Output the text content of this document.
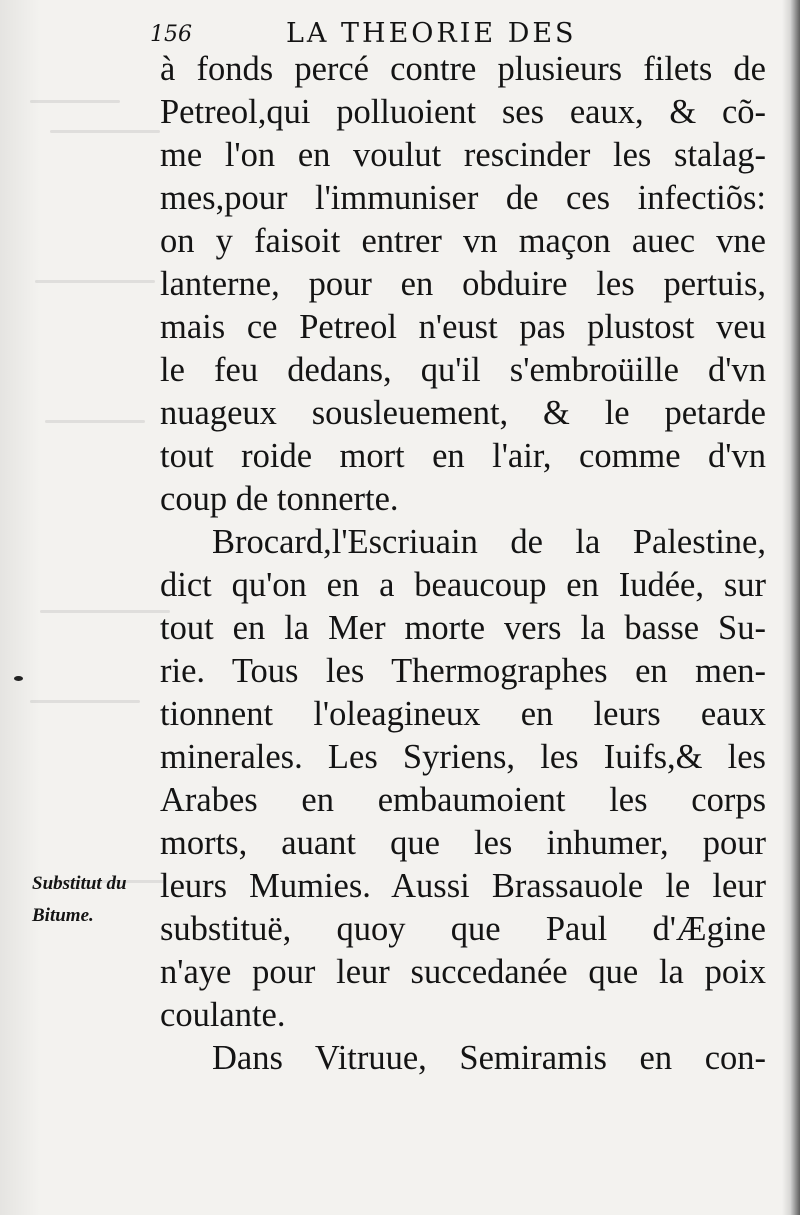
156	LA THEORIE DES
à fonds percé contre plusieurs filets de
Petreol,qui polluoient ses eaux, & cõ-
me l'on en voulut rescinder les stalag-
mes,pour l'immuniser de ces infectiõs:
on y faisoit entrer vn maçon auec vne
lanterne, pour en obduire les pertuis,
mais ce Petreol n'eust pas plustost veu
le feu dedans, qu'il s'embroüille d'vn
nuageux sousleuement, & le petarde
tout roide mort en l'air, comme d'vn
coup de tonnerte.
Brocard,l'Escriuain de la Palestine,
dict qu'on en a beaucoup en Iudée, sur
tout en la Mer morte vers la basse Su-
rie. Tous les Thermographes en men-
tionnent l'oleagineux en leurs eaux
minerales. Les Syriens, les Iuifs,& les
Arabes en embaumoient les corps
morts, auant que les inhumer, pour
leurs Mumies. Aussi Brassauole le leur
substituë, quoy que Paul d'Ægine
n'aye pour leur succedanée que la poix
coulante.
Dans Vitruue, Semiramis en con-
Substitut du
Bitume.
